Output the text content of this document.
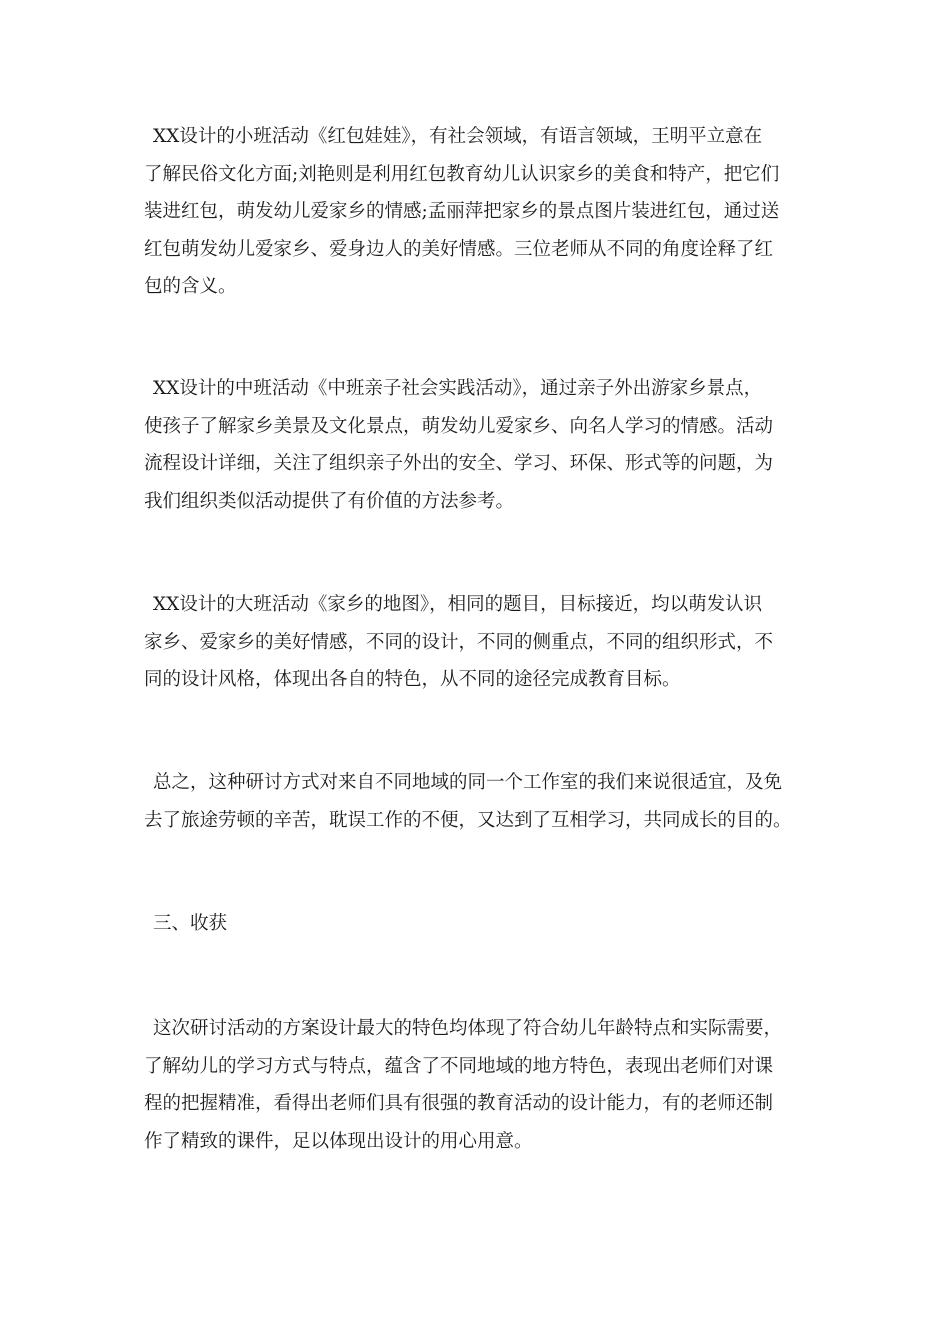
XX设计的小班活动《红包娃娃》，有社会领域，有语言领域，王明平立意在
了解民俗文化方面;刘艳则是利用红包教育幼儿认识家乡的美食和特产，把它们
装进红包，萌发幼儿爱家乡的情感;孟丽萍把家乡的景点图片装进红包，通过送
红包萌发幼儿爱家乡、爱身边人的美好情感。三位老师从不同的角度诠释了红
包的含义。

XX设计的中班活动《中班亲子社会实践活动》，通过亲子外出游家乡景点，
使孩子了解家乡美景及文化景点，萌发幼儿爱家乡、向名人学习的情感。活动
流程设计详细，关注了组织亲子外出的安全、学习、环保、形式等的问题，为
我们组织类似活动提供了有价值的方法参考。

XX设计的大班活动《家乡的地图》，相同的题目，目标接近，均以萌发认识
家乡、爱家乡的美好情感，不同的设计，不同的侧重点，不同的组织形式，不
同的设计风格，体现出各自的特色，从不同的途径完成教育目标。

总之，这种研讨方式对来自不同地域的同一个工作室的我们来说很适宜，及免
去了旅途劳顿的辛苦，耽误工作的不便，又达到了互相学习，共同成长的目的。

三、收获

这次研讨活动的方案设计最大的特色均体现了符合幼儿年龄特点和实际需要，
了解幼儿的学习方式与特点，蕴含了不同地域的地方特色，表现出老师们对课
程的把握精准，看得出老师们具有很强的教育活动的设计能力，有的老师还制
作了精致的课件，足以体现出设计的用心用意。
